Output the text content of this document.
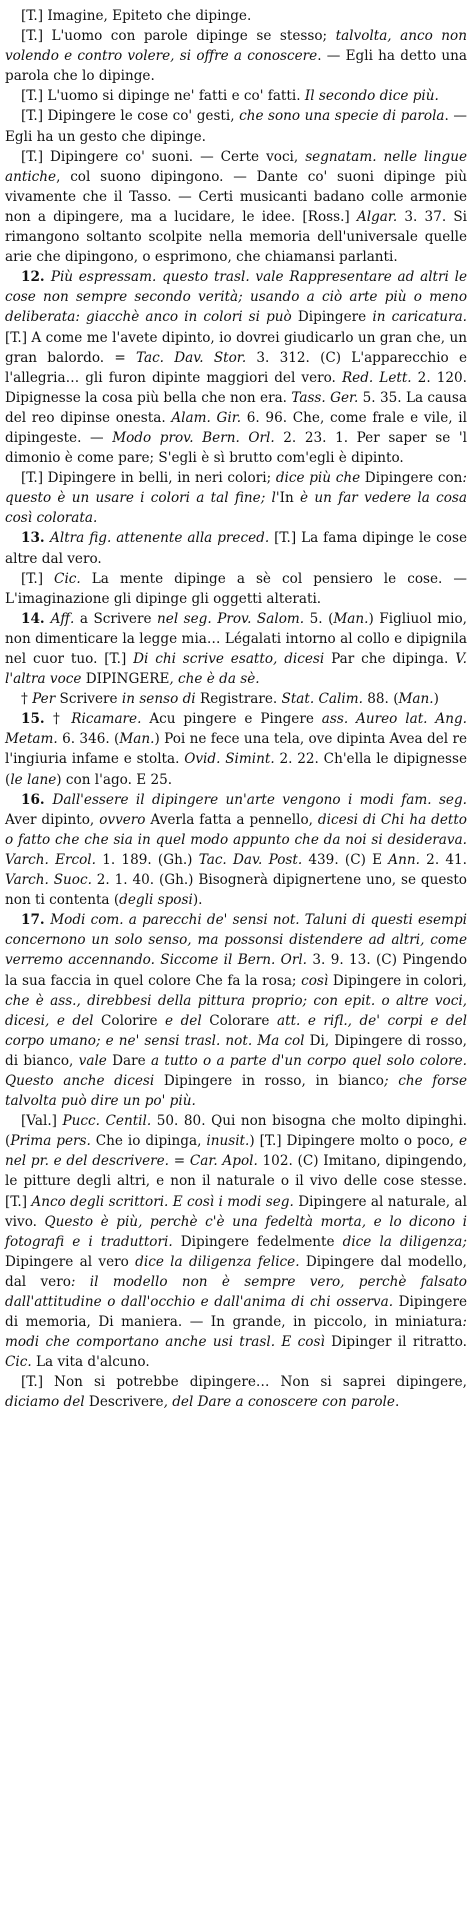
[T.] Imagine, Epiteto che dipinge.

[T.] L'uomo con parole dipinge se stesso; talvolta, anco non volendo e contro volere, si offre a conoscere. — Egli ha detto una parola che lo dipinge.

[T.] L'uomo si dipinge ne' fatti e co' fatti. Il secondo dice più.

[T.] Dipingere le cose co' gesti, che sono una specie di parola. — Egli ha un gesto che dipinge.

[T.] Dipingere co' suoni. — Certe voci, segnatam. nelle lingue antiche, col suono dipingono. — Dante co' suoni dipinge più vivamente che il Tasso. — Certi musicanti badano colle armonie non a dipingere, ma a lucidare, le idee. [Ross.] Algar. 3. 37. Si rimangono soltanto scolpite nella memoria dell'universale quelle arie che dipingono, o esprimono, che chiamansi parlanti.

12. Più espressam. questo trasl. vale Rappresentare ad altri le cose non sempre secondo verità; usando a ciò arte più o meno deliberata: giacchè anco in colori si può Dipingere in caricatura. [T.] A come me l'avete dipinto, io dovrei giudicarlo un gran che, un gran balordo. = Tac. Dav. Stor. 3. 312. (C) L'apparecchio e l'allegria… gli furon dipinte maggiori del vero. Red. Lett. 2. 120. Dipignesse la cosa più bella che non era. Tass. Ger. 5. 35. La causa del reo dipinse onesta. Alam. Gir. 6. 96. Che, come frale e vile, il dipingeste. — Modo prov. Bern. Orl. 2. 23. 1. Per saper se 'l dimonio è come pare; S'egli è sì brutto com'egli è dipinto.

[T.] Dipingere in belli, in neri colori; dice più che Dipingere con: questo è un usare i colori a tal fine; l'In è un far vedere la cosa così colorata.

13. Altra fig. attenente alla preced. [T.] La fama dipinge le cose altre dal vero.

[T.] Cic. La mente dipinge a sè col pensiero le cose. — L'imaginazione gli dipinge gli oggetti alterati.

14. Aff. a Scrivere nel seg. Prov. Salom. 5. (Man.) Figliuol mio, non dimenticare la legge mia… Légalati intorno al collo e dipignila nel cuor tuo. [T.] Di chi scrive esatto, dicesi Par che dipinga. V. l'altra voce DIPINGERE, che è da sè.

† Per Scrivere in senso di Registrare. Stat. Calim. 88. (Man.)

15. † Ricamare. Acu pingere e Pingere ass. Aureo lat. Ang. Metam. 6. 346. (Man.) Poi ne fece una tela, ove dipinta Avea del re l'ingiuria infame e stolta. Ovid. Simint. 2. 22. Ch'ella le dipignesse (le lane) con l'ago. E 25.

16. Dall'essere il dipingere un'arte vengono i modi fam. seg. Aver dipinto, ovvero Averla fatta a pennello, dicesi di Chi ha detto o fatto che che sia in quel modo appunto che da noi si desiderava. Varch. Ercol. 1. 189. (Gh.) Tac. Dav. Post. 439. (C) E Ann. 2. 41. Varch. Suoc. 2. 1. 40. (Gh.) Bisognerà dipignertene uno, se questo non ti contenta (degli sposi).

17. Modi com. a parecchi de' sensi not. Taluni di questi esempi concernono un solo senso, ma possonsi distendere ad altri, come verremo accennando. Siccome il Bern. Orl. 3. 9. 13. (C) Pingendo la sua faccia in quel colore Che fa la rosa; così Dipingere in colori, che è ass., direbbesi della pittura proprio; con epit. o altre voci, dicesi, e del Colorire e del Colorare att. e rifl., de' corpi e del corpo umano; e ne' sensi trasl. not. Ma col Di, Dipingere di rosso, di bianco, vale Dare a tutto o a parte d'un corpo quel solo colore. Questo anche dicesi Dipingere in rosso, in bianco; che forse talvolta può dire un po' più.

[Val.] Pucc. Centil. 50. 80. Qui non bisogna che molto dipinghi. (Prima pers. Che io dipinga, inusit.) [T.] Dipingere molto o poco, e nel pr. e del descrivere. = Car. Apol. 102. (C) Imitano, dipingendo, le pitture degli altri, e non il naturale o il vivo delle cose stesse. [T.] Anco degli scrittori. E così i modi seg. Dipingere al naturale, al vivo. Questo è più, perchè c'è una fedeltà morta, e lo dicono i fotografi e i traduttori. Dipingere fedelmente dice la diligenza; Dipingere al vero dice la diligenza felice. Dipingere dal modello, dal vero: il modello non è sempre vero, perchè falsato dall'attitudine o dall'occhio e dall'anima di chi osserva. Dipingere di memoria, Di maniera. — In grande, in piccolo, in miniatura: modi che comportano anche usi trasl. E così Dipinger il ritratto. Cic. La vita d'alcuno.

[T.] Non si potrebbe dipingere… Non si saprei dipingere, diciamo del Descrivere, del Dare a conoscere con parole.
